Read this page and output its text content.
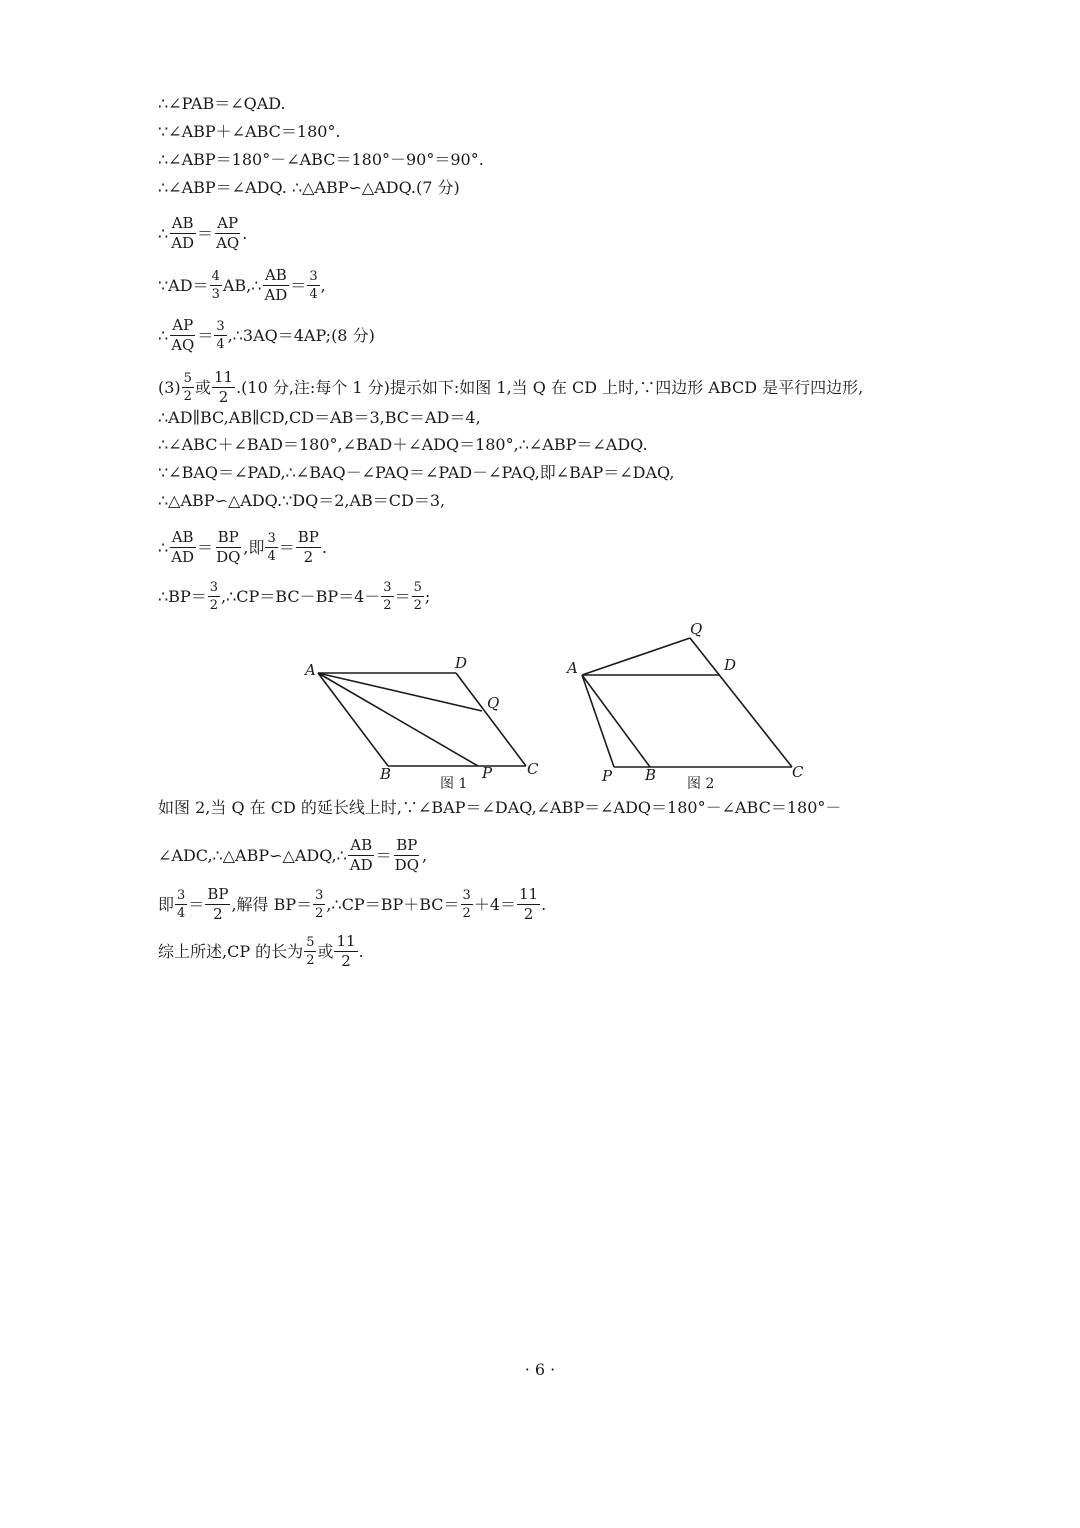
∴∠PAB＝∠QAD.
∵∠ABP＋∠ABC＝180°.
∴∠ABP＝180°－∠ABC＝180°－90°＝90°.
∴∠ABP＝∠ADQ. ∴△ABP∽△ADQ.(7 分)
∴ $\frac{AB}{AD} = \frac{AP}{AQ}$ .
∵AD＝ $\frac{4}{3}$ AB,∴ $\frac{AB}{AD} = \frac{3}{4}$ ,
∴ $\frac{AP}{AQ} = \frac{3}{4}$ ,∴3AQ＝4AP;(8 分)
$(3) \frac{5}{2}$ 或 $\frac{11}{2} .(10$ 分,注:每个 1 分)提示如下:如图 1,当 Q 在 CD 上时,∵四边形 ABCD 是平行四边形,
∴AD∥BC,AB∥CD,CD＝AB＝3,BC＝AD＝4,
∴∠ABC＋∠BAD＝180°,∠BAD＋∠ADQ＝180°,∴∠ABP＝∠ADQ.
∵∠BAQ＝∠PAD,∴∠BAQ－∠PAQ＝∠PAD－∠PAQ,即∠BAP＝∠DAQ,
∴△ABP∽△ADQ.∵DQ＝2,AB＝CD＝3,
∴ $\frac{AB}{AD} = \frac{BP}{DQ}$ ,即 $\frac{3}{4} = \frac{BP}{2}$ .
∴BP＝ $\frac{3}{2}$ ,∴CP＝BC－BP＝4－ $\frac{3}{2} = \frac{5}{2}$ ;
如图 2,当 Q 在 CD 的延长线上时,∵∠BAP＝∠DAQ,∠ABP＝∠ADQ＝180°－∠ABC＝180°－
∠ADC,∴△ABP∽△ADQ,∴ $\frac{AB}{AD} = \frac{BP}{DQ}$ ,
即 $\frac{3}{4} = \frac{BP}{2}$ ,解得 $BP= \frac{3}{2}$ ,∴CP＝BP＋BC＝ $\frac{3}{2} +4= \frac{11}{2}$ .
综上所述,CP 的长为 $\frac{5}{2}$ 或 $\frac{11}{2}$ .
A	D
Q
B	P C
Q
A	D
P B	C
图 1	图 2
· 6 ·
